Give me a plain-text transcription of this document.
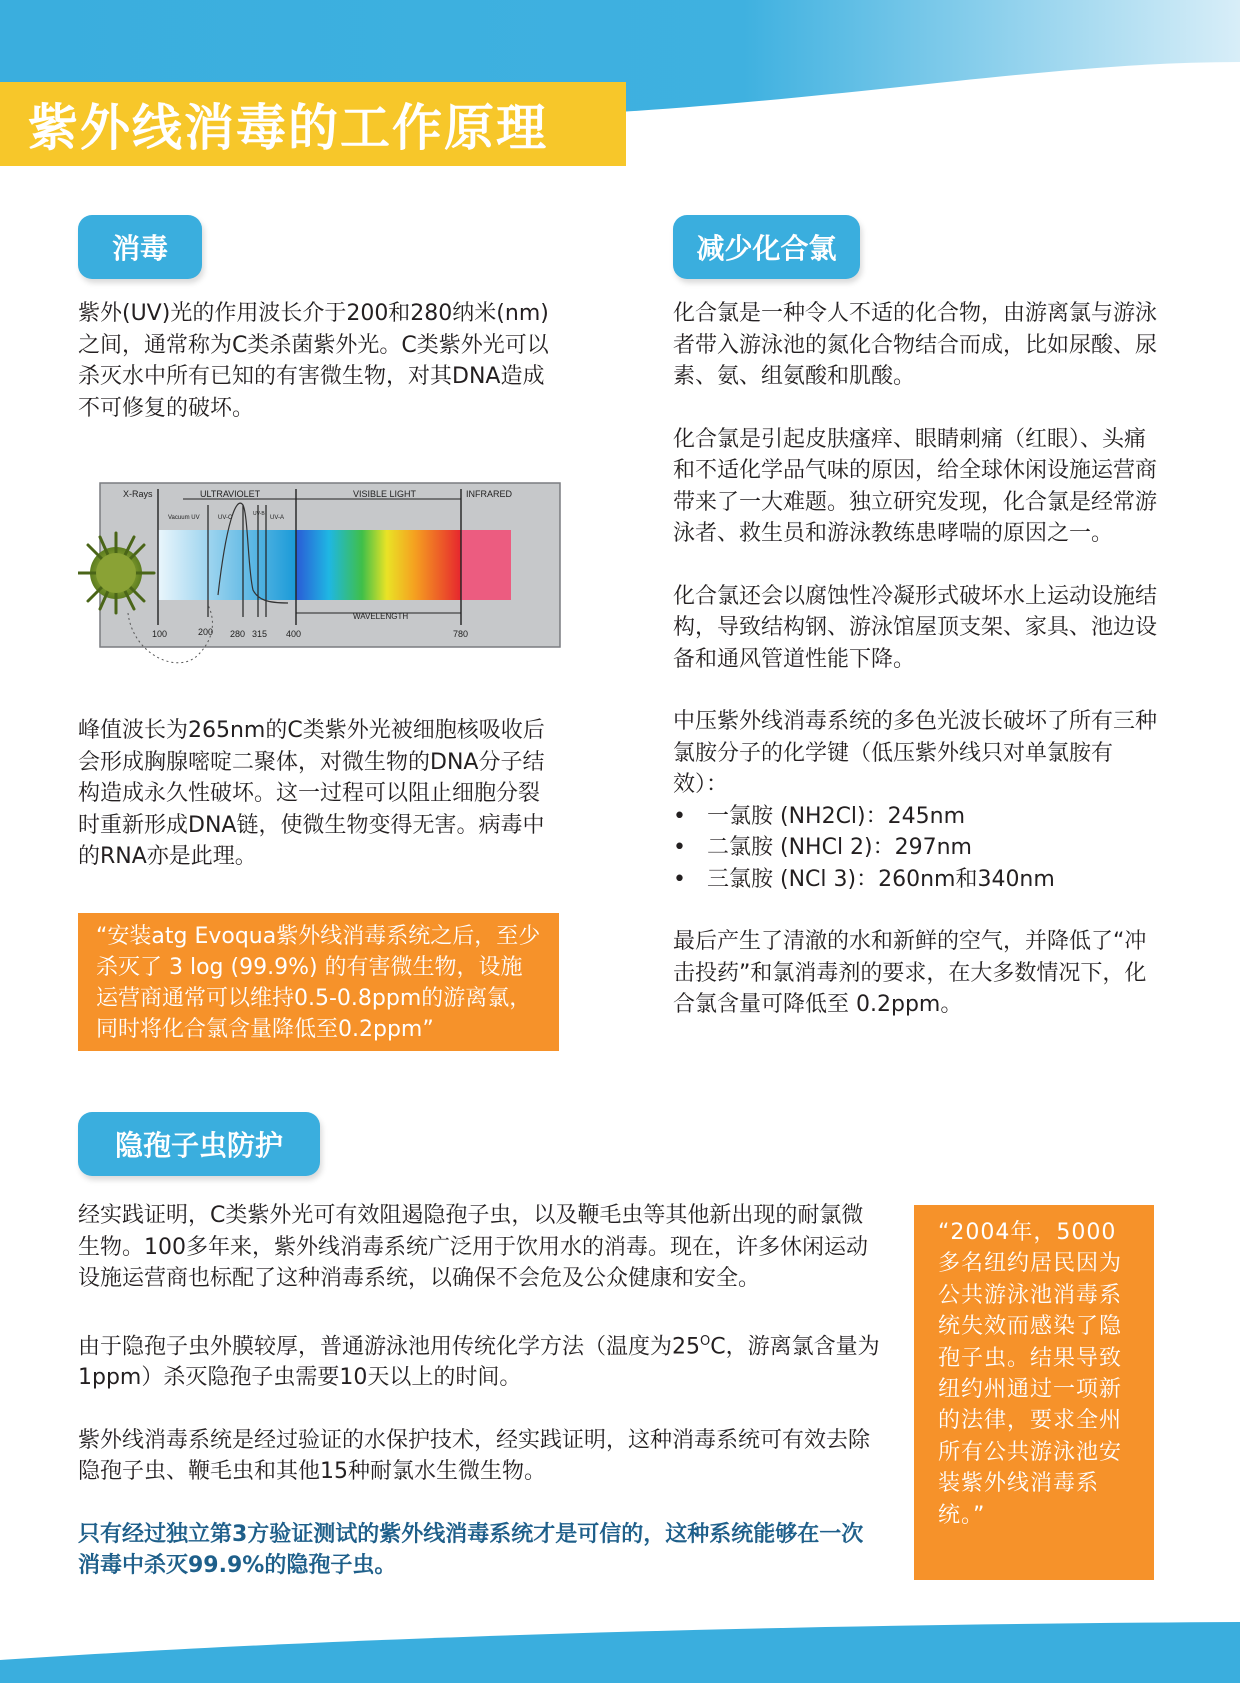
紫外线消毒的工作原理
消毒

紫外(UV)光的作用波长介于200和280纳米(nm)之间，通常称为C类杀菌紫外光。C类紫外光可以杀灭水中所有已知的有害微生物，对其DNA造成不可修复的破坏。

X-Rays	ULTRAVIOLET	VISIBLE LIGHT	INFRARED
Vacuum UV	UV-C
UV-B
UV-A
WAVELENGTH
100	200 280 315 400	780

峰值波长为265nm的C类紫外光被细胞核吸收后会形成胸腺嘧啶二聚体，对微生物的DNA分子结构造成永久性破坏。这一过程可以阻止细胞分裂时重新形成DNA链，使微生物变得无害。病毒中的RNA亦是此理。

“安装atg Evoqua紫外线消毒系统之后，至少杀灭了 3 log (99.9%) 的有害微生物，设施运营商通常可以维持0.5-0.8ppm的游离氯，同时将化合氯含量降低至0.2ppm”
减少化合氯

化合氯是一种令人不适的化合物，由游离氯与游泳者带入游泳池的氮化合物结合而成，比如尿酸、尿素、氨、组氨酸和肌酸。

化合氯是引起皮肤瘙痒、眼睛刺痛（红眼）、头痛和不适化学品气味的原因，给全球休闲设施运营商带来了一大难题。独立研究发现，化合氯是经常游泳者、救生员和游泳教练患哮喘的原因之一。

化合氯还会以腐蚀性冷凝形式破坏水上运动设施结构，导致结构钢、游泳馆屋顶支架、家具、池边设备和通风管道性能下降。

中压紫外线消毒系统的多色光波长破坏了所有三种氯胺分子的化学键（低压紫外线只对单氯胺有效）：

• 一氯胺 (NH2Cl)：245nm
• 二氯胺 (NHCl 2)：297nm
• 三氯胺 (NCl 3)：260nm和340nm

最后产生了清澈的水和新鲜的空气，并降低了“冲击投药”和氯消毒剂的要求，在大多数情况下，化合氯含量可降低至 0.2ppm。

隐孢子虫防护

经实践证明，C类紫外光可有效阻遏隐孢子虫，以及鞭毛虫等其他新出现的耐氯微生物。100多年来，紫外线消毒系统广泛用于饮用水的消毒。现在，许多休闲运动设施运营商也标配了这种消毒系统，以确保不会危及公众健康和安全。

由于隐孢子虫外膜较厚，普通游泳池用传统化学方法（温度为$25^OC$，游离氯含量为1ppm）杀灭隐孢子虫需要10天以上的时间。

紫外线消毒系统是经过验证的水保护技术，经实践证明，这种消毒系统可有效去除隐孢子虫、鞭毛虫和其他15种耐氯水生微生物。

只有经过独立第3方验证测试的紫外线消毒系统才是可信的，这种系统能够在一次消毒中杀灭99.9%的隐孢子虫。

“2004年，5000多名纽约居民因为公共游泳池消毒系统失效而感染了隐孢子虫。结果导致纽约州通过一项新的法律，要求全州所有公共游泳池安装紫外线消毒系统。”
